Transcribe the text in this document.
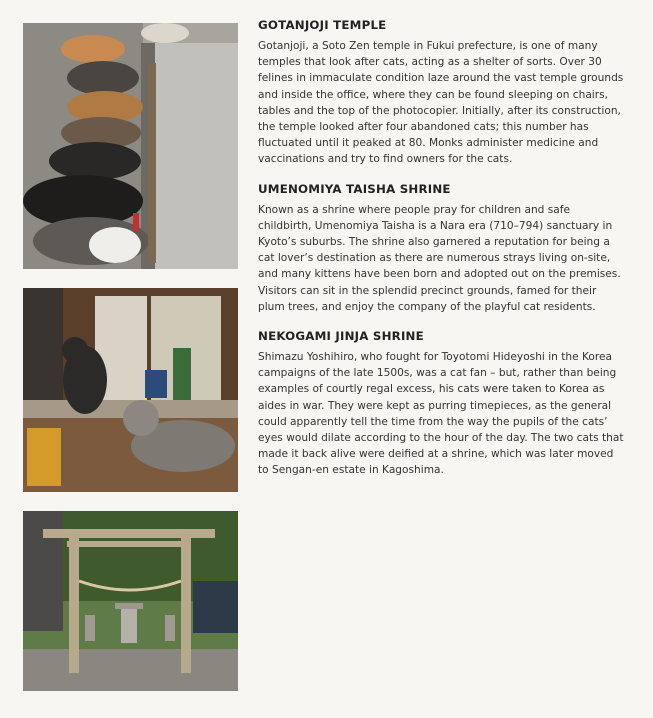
GOTANJOJI TEMPLE

Gotanjoji, a Soto Zen temple in Fukui prefecture, is one of many temples that look after cats, acting as a shelter of sorts. Over 30 felines in immaculate condition laze around the vast temple grounds and inside the office, where they can be found sleeping on chairs, tables and the top of the photocopier. Initially, after its construction, the temple looked after four abandoned cats; this number has fluctuated until it peaked at 80. Monks administer medicine and vaccinations and try to find owners for the cats.

UMENOMIYA TAISHA SHRINE

Known as a shrine where people pray for children and safe childbirth, Umenomiya Taisha is a Nara era (710–794) sanctuary in Kyoto’s suburbs. The shrine also garnered a reputation for being a cat lover’s destination as there are numerous strays living on-site, and many kittens have been born and adopted out on the premises. Visitors can sit in the splendid precinct grounds, famed for their plum trees, and enjoy the company of the playful cat residents.

NEKOGAMI JINJA SHRINE

Shimazu Yoshihiro, who fought for Toyotomi Hideyoshi in the Korea campaigns of the late 1500s, was a cat fan – but, rather than being examples of courtly regal excess, his cats were taken to Korea as aides in war. They were kept as purring timepieces, as the general could apparently tell the time from the way the pupils of the cats’ eyes would dilate according to the hour of the day. The two cats that made it back alive were deified at a shrine, which was later moved to Sengan-en estate in Kagoshima.
